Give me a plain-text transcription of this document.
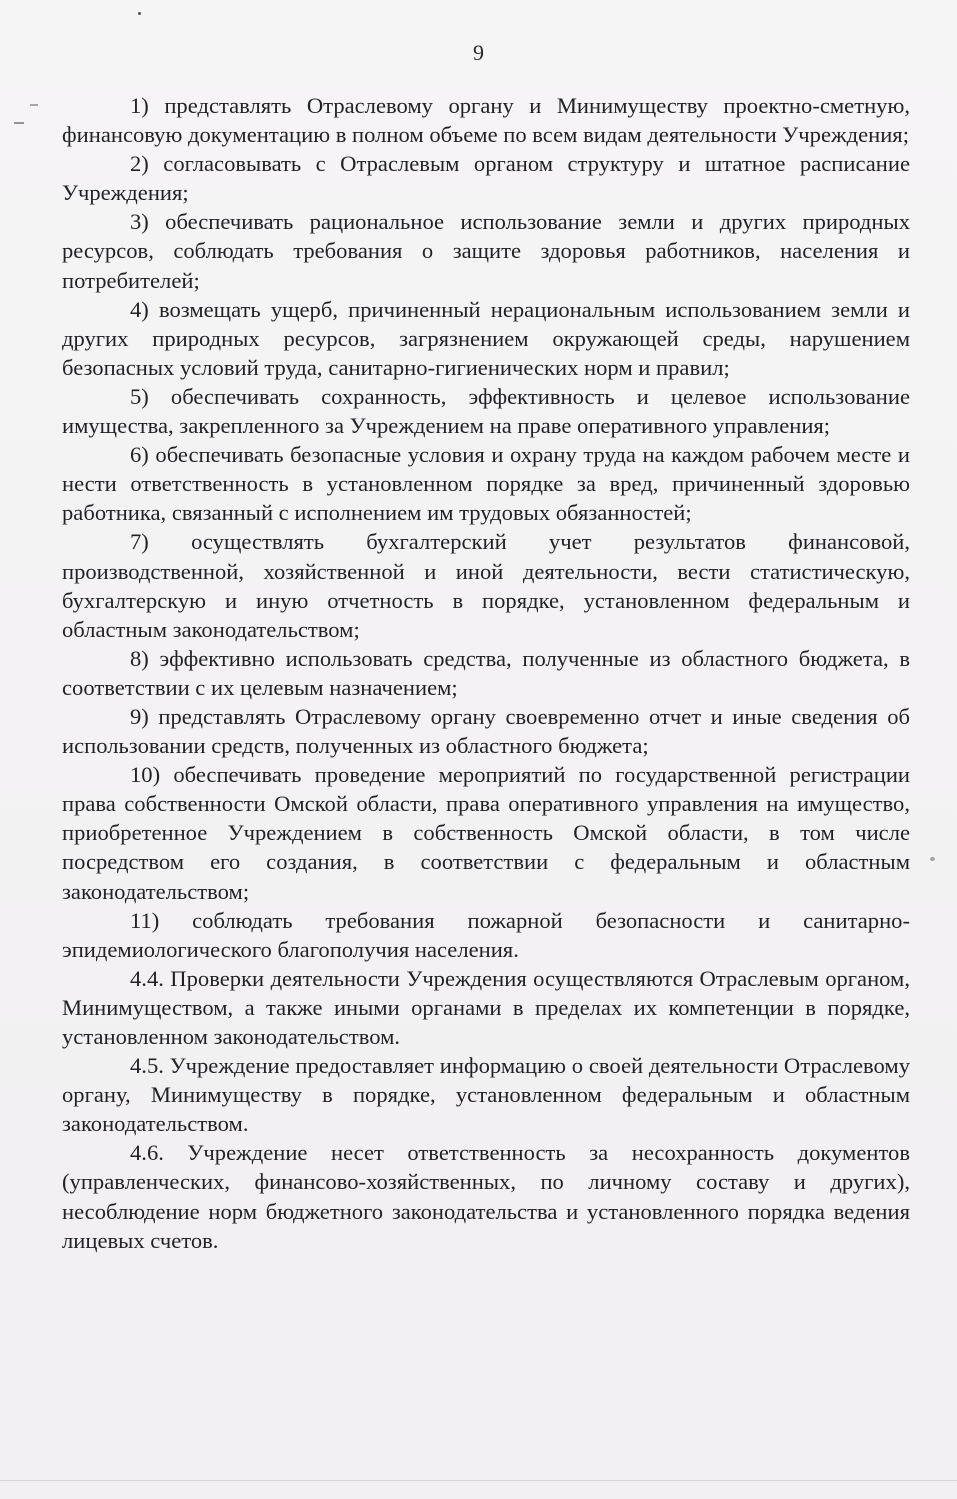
9

1) представлять Отраслевому органу и Минимуществу проектно-сметную, финансовую документацию в полном объеме по всем видам деятельности Учреждения;

2) согласовывать с Отраслевым органом структуру и штатное расписание Учреждения;

3) обеспечивать рациональное использование земли и других природных ресурсов, соблюдать требования о защите здоровья работников, населения и потребителей;

4) возмещать ущерб, причиненный нерациональным использованием земли и других природных ресурсов, загрязнением окружающей среды, нарушением безопасных условий труда, санитарно-гигиенических норм и правил;

5) обеспечивать сохранность, эффективность и целевое использование имущества, закрепленного за Учреждением на праве оперативного управления;

6) обеспечивать безопасные условия и охрану труда на каждом рабочем месте и нести ответственность в установленном порядке за вред, причиненный здоровью работника, связанный с исполнением им трудовых обязанностей;

7) осуществлять бухгалтерский учет результатов финансовой, производственной, хозяйственной и иной деятельности, вести статистическую, бухгалтерскую и иную отчетность в порядке, установленном федеральным и областным законодательством;

8) эффективно использовать средства, полученные из областного бюджета, в соответствии с их целевым назначением;

9) представлять Отраслевому органу своевременно отчет и иные сведения об использовании средств, полученных из областного бюджета;

10) обеспечивать проведение мероприятий по государственной регистрации права собственности Омской области, права оперативного управления на имущество, приобретенное Учреждением в собственность Омской области, в том числе посредством его создания, в соответствии с федеральным и областным законодательством;

11) соблюдать требования пожарной безопасности и санитарно-эпидемиологического благополучия населения.

4.4. Проверки деятельности Учреждения осуществляются Отраслевым органом, Минимуществом, а также иными органами в пределах их компетенции в порядке, установленном законодательством.

4.5. Учреждение предоставляет информацию о своей деятельности Отраслевому органу, Минимуществу в порядке, установленном федеральным и областным законодательством.

4.6. Учреждение несет ответственность за несохранность документов (управленческих, финансово-хозяйственных, по личному составу и других), несоблюдение норм бюджетного законодательства и установленного порядка ведения лицевых счетов.
